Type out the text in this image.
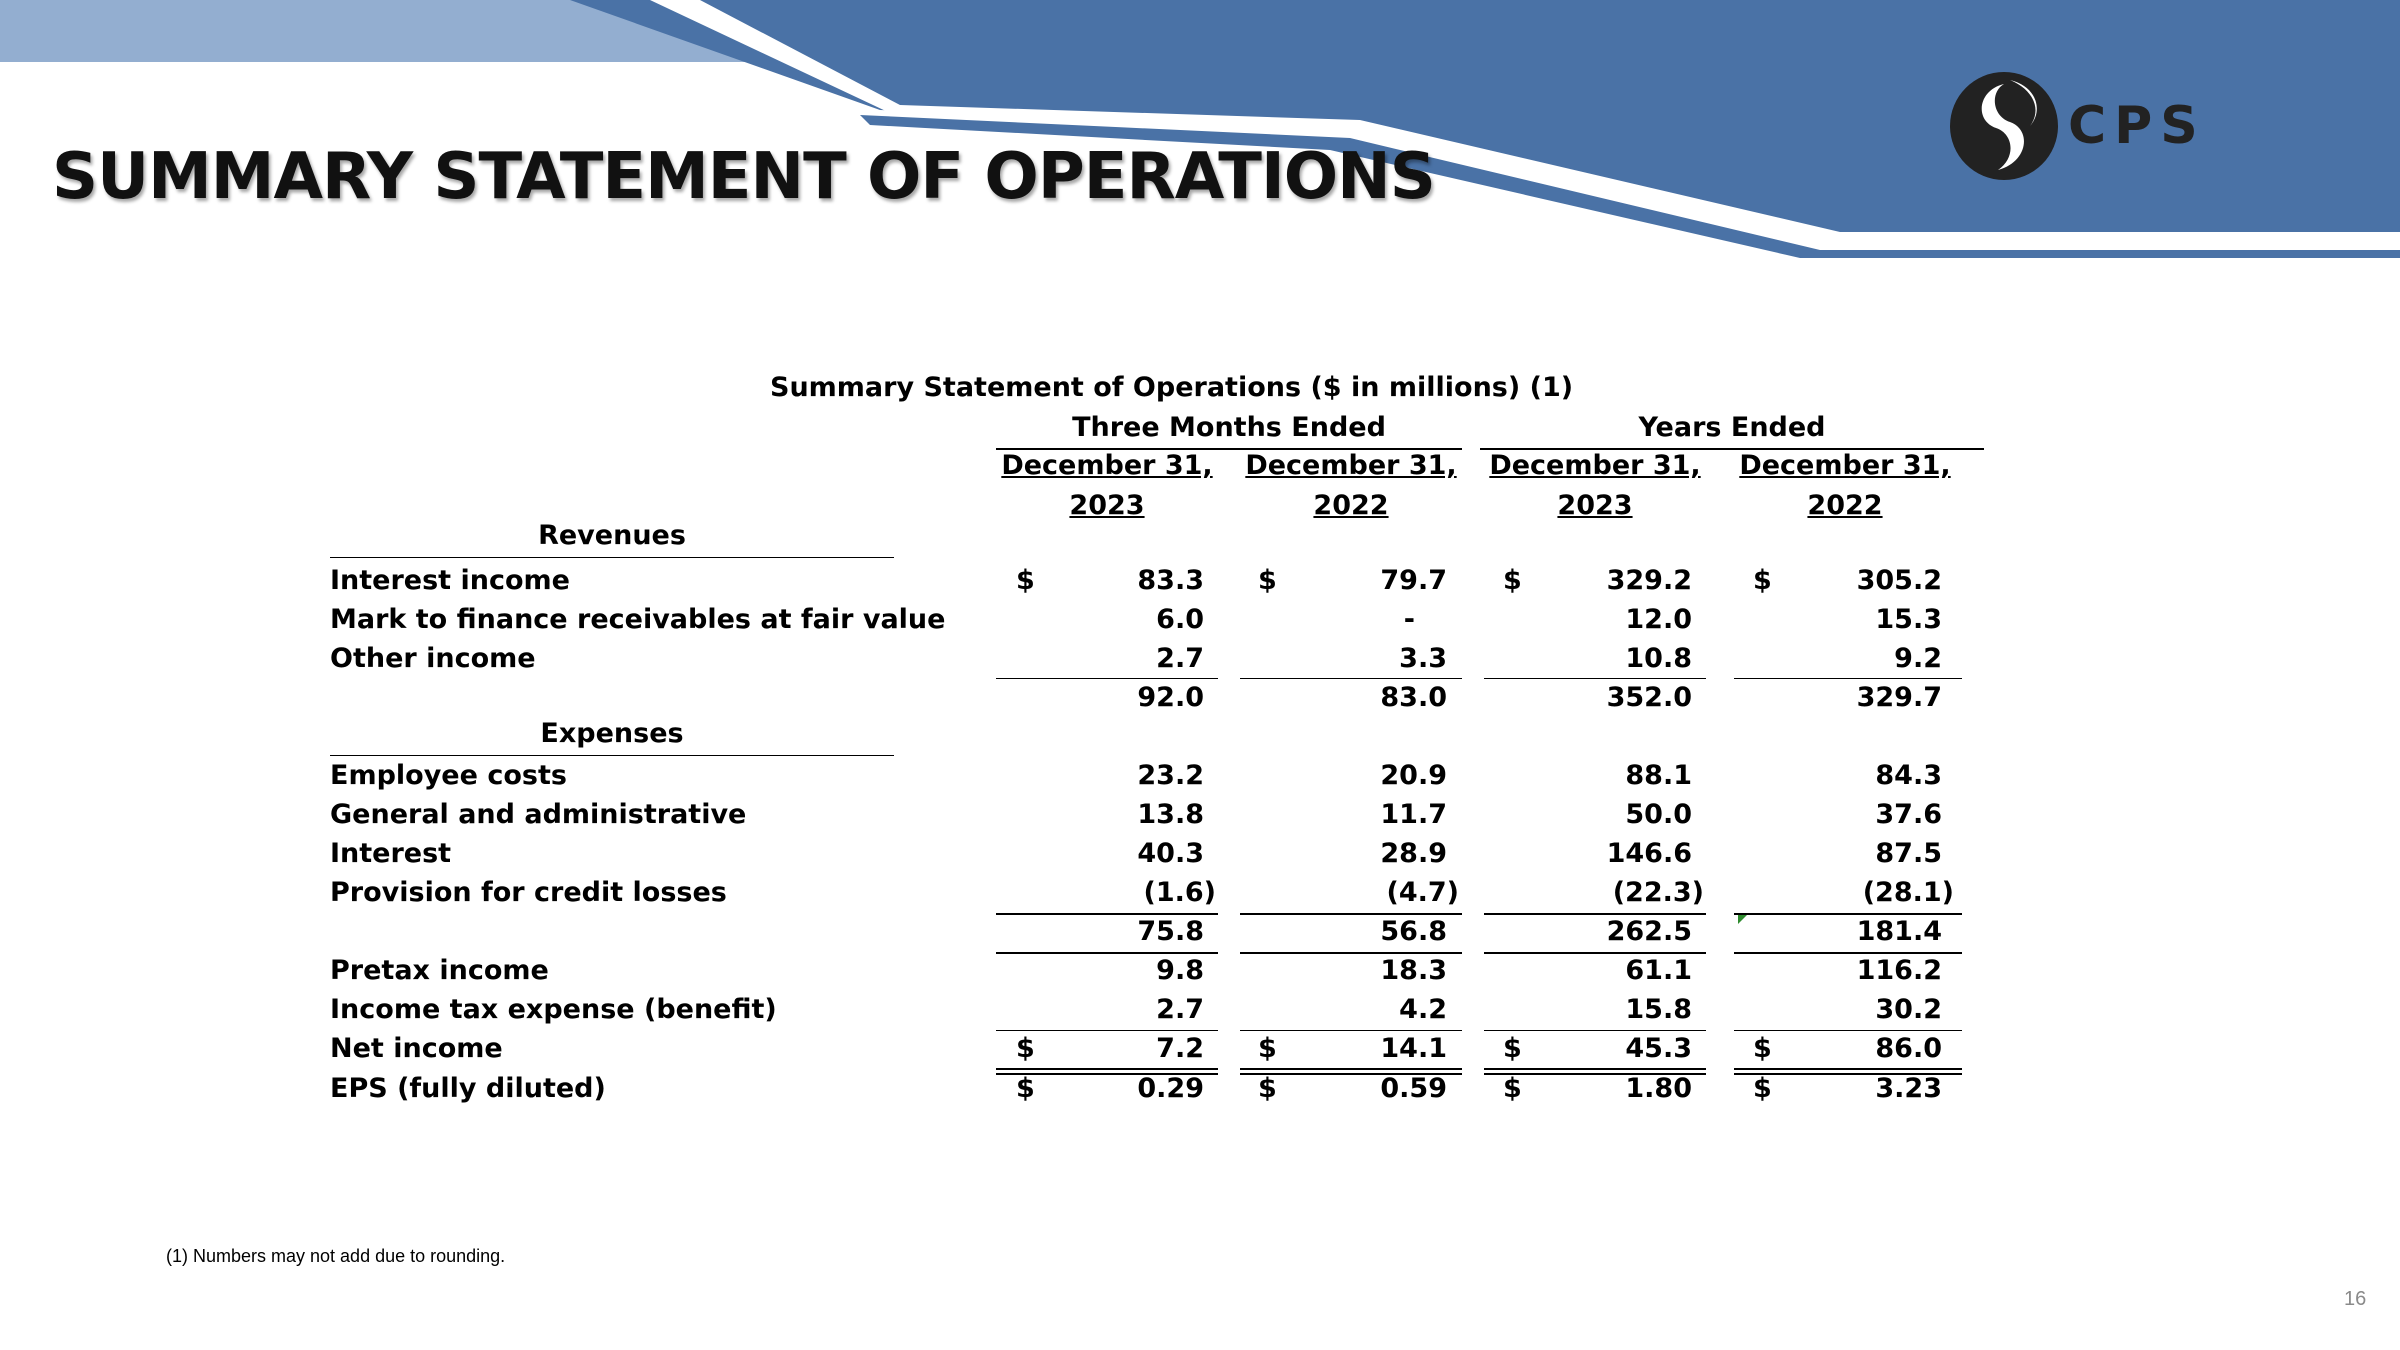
CPS
SUMMARY STATEMENT OF OPERATIONS
Summary Statement of Operations ($ in millions) (1)
Three Months Ended	Years Ended
December 31,
2023
December 31,
2022
December 31,
2023
December 31,
2022
Revenues
Interest income	$	83.3 $	79.7 $	329.2 $	305.2
Mark to finance receivables at fair value	6.0	-	12.0	15.3
Other income	2.7	3.3	10.8	9.2
92.0	83.0	352.0	329.7
Expenses
Employee costs	23.2	20.9	88.1	84.3
General and administrative	13.8	11.7	50.0	37.6
Interest	40.3	28.9	146.6	87.5
Provision for credit losses	(1.6)	(4.7)	(22.3)	(28.1)
75.8	56.8	262.5	181.4
Pretax income	9.8	18.3	61.1	116.2
Income tax expense (benefit)	2.7	4.2	15.8	30.2
Net income	$	7.2 $	14.1 $	45.3 $	86.0
EPS (fully diluted)	$	0.29 $	0.59 $	1.80 $	3.23
(1) Numbers may not add due to rounding.
16
